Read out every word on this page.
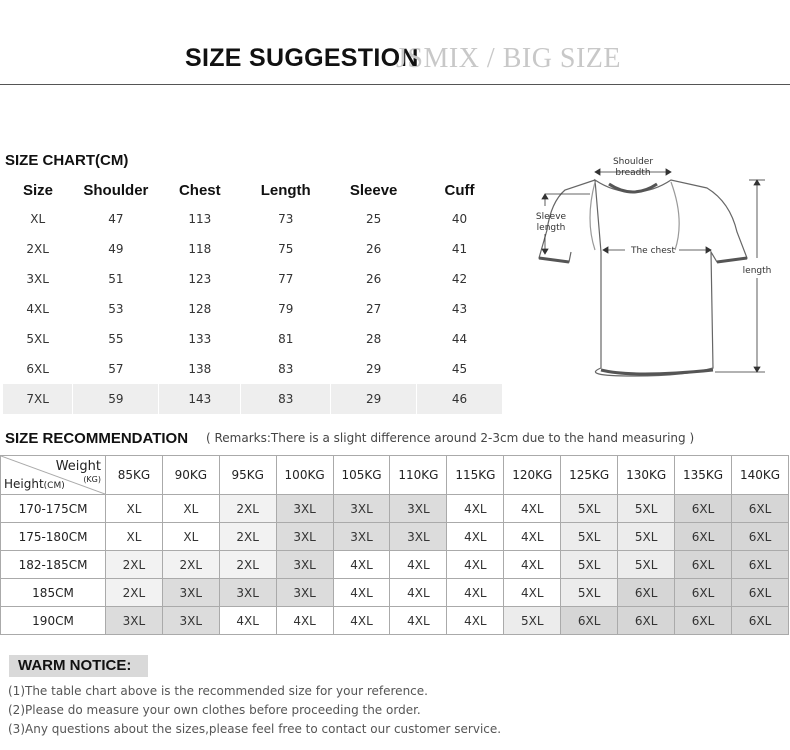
SIZE SUGGESTION
JSMIX / BIG SIZE
SIZE CHART(CM)
Size	Shoulder	Chest	Length	Sleeve	Cuff
XL	47	113	73	25	40
2XL	49	118	75	26	41
3XL	51	123	77	26	42
4XL	53	128	79	27	43
5XL	55	133	81	28	44
6XL	57	138	83	29	45
7XL	59	143	83	29	46
Shoulder
breadth
Sleeve
length
The chest
length
SIZE RECOMMENDATION ( Remarks:There is a slight difference around 2-3cm due to the hand measuring )
Weight
(KG)
Height(CM)	85KG	90KG	95KG	100KG	105KG	110KG	115KG	120KG	125KG	130KG	135KG	140KG
170-175CM	XL	XL	2XL	3XL	3XL	3XL	4XL	4XL	5XL	5XL	6XL	6XL
175-180CM	XL	XL	2XL	3XL	3XL	3XL	4XL	4XL	5XL	5XL	6XL	6XL
182-185CM	2XL	2XL	2XL	3XL	4XL	4XL	4XL	4XL	5XL	5XL	6XL	6XL
185CM	2XL	3XL	3XL	3XL	4XL	4XL	4XL	4XL	5XL	6XL	6XL	6XL
190CM	3XL	3XL	4XL	4XL	4XL	4XL	4XL	5XL	6XL	6XL	6XL	6XL
WARM NOTICE:
(1)The table chart above is the recommended size for your reference.
(2)Please do measure your own clothes before proceeding the order.
(3)Any questions about the sizes,please feel free to contact our customer service.
